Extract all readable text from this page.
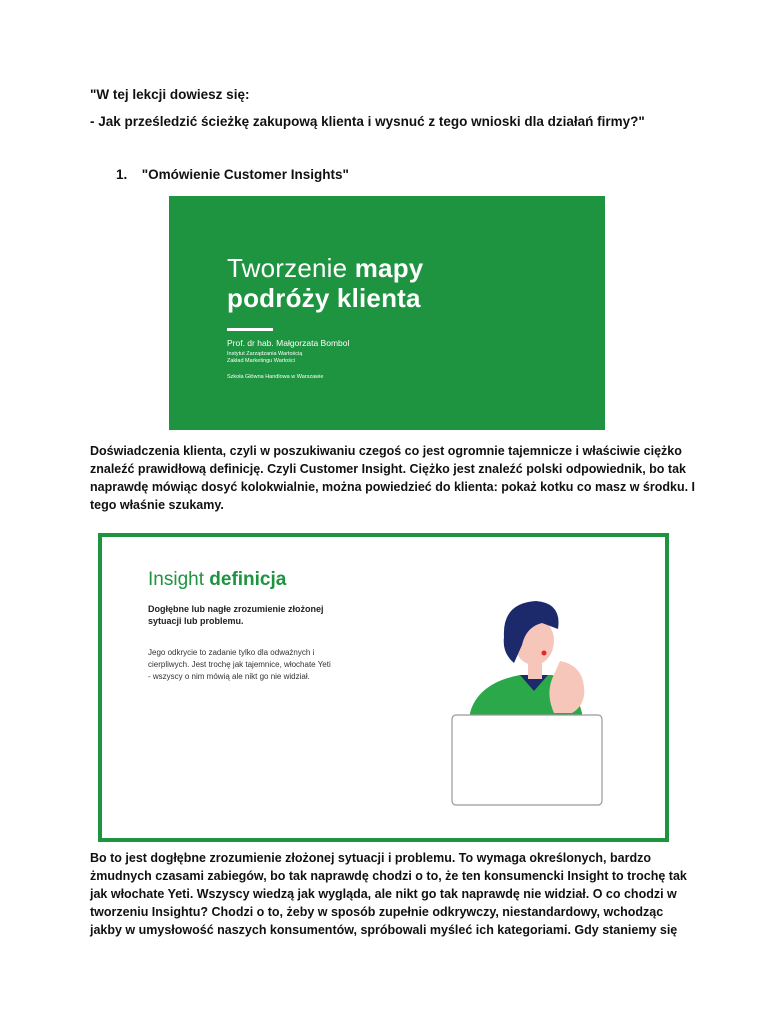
"W tej lekcji dowiesz się:
- Jak prześledzić ścieżkę zakupową klienta i wysnuć z tego wnioski dla działań firmy?"
1. "Omówienie Customer Insights"
Tworzenie mapy
podróży klienta
Prof. dr hab. Małgorzata Bombol
Instytut Zarządzania Wartością
Zakład Marketingu Wartości
Szkoła Główna Handlowa w Warszawie
Doświadczenia klienta, czyli w poszukiwaniu czegoś co jest ogromnie tajemnicze i właściwie ciężko
znaleźć prawidłową definicję. Czyli Customer Insight. Ciężko jest znaleźć polski odpowiednik, bo tak
naprawdę mówiąc dosyć kolokwialnie, można powiedzieć do klienta: pokaż kotku co masz w środku. I
tego właśnie szukamy.
Insight definicja
Dogłębne lub nagłe zrozumienie złożonej
sytuacji lub problemu.
Jego odkrycie to zadanie tylko dla odważnych i
cierpliwych. Jest trochę jak tajemnice, włochate Yeti
- wszyscy o nim mówią ale nikt go nie widział.
Bo to jest dogłębne zrozumienie złożonej sytuacji i problemu. To wymaga określonych, bardzo
żmudnych czasami zabiegów, bo tak naprawdę chodzi o to, że ten konsumencki Insight to trochę tak
jak włochate Yeti. Wszyscy wiedzą jak wygląda, ale nikt go tak naprawdę nie widział. O co chodzi w
tworzeniu Insightu? Chodzi o to, żeby w sposób zupełnie odkrywczy, niestandardowy, wchodząc
jakby w umysłowość naszych konsumentów, spróbowali myśleć ich kategoriami. Gdy staniemy się
